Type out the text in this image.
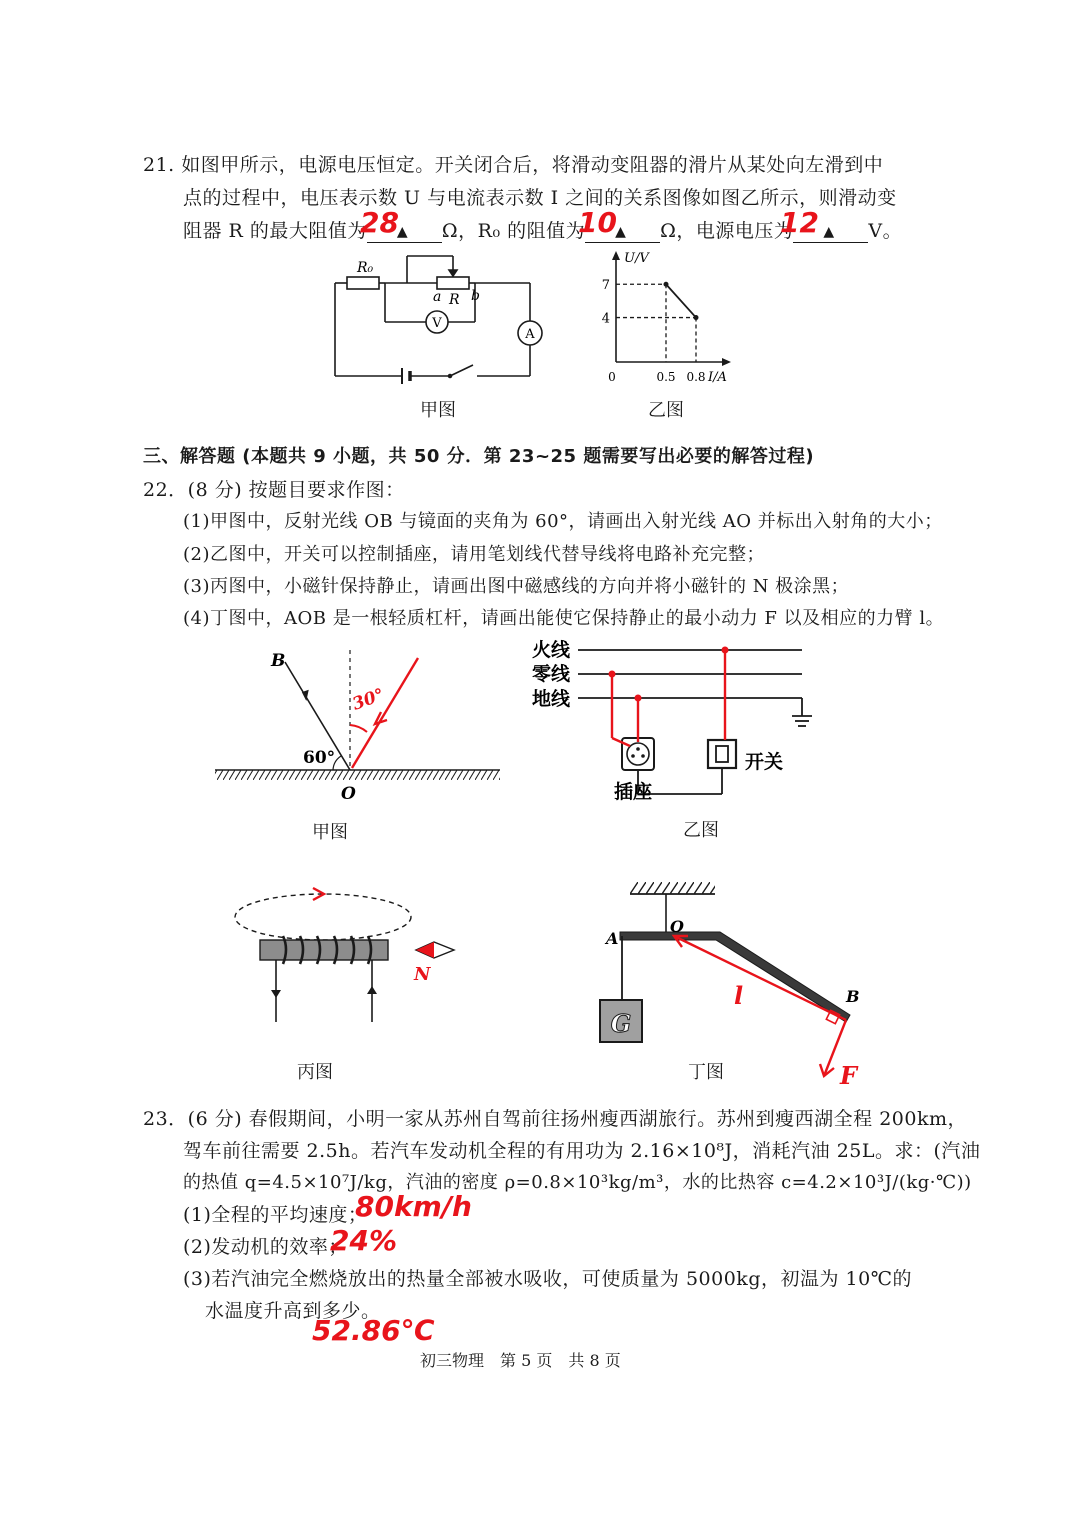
21. 如图甲所示，电源电压恒定。开关闭合后，将滑动变阻器的滑片从某处向左滑到中
点的过程中，电压表示数 U 与电流表示数 I 之间的关系图像如图乙所示，则滑动变
阻器 R 的最大阻值为 ▲ Ω，R₀ 的阻值为 ▲ Ω，电源电压为 ▲ V。
28	10	12
V
A
R₀
a R b
甲图
U/V
I/A
7
4
0	0.5 0.8
乙图
三、解答题 (本题共 9 小题，共 50 分．第 23~25 题需要写出必要的解答过程)
22．(8 分) 按题目要求作图：
(1)甲图中，反射光线 OB 与镜面的夹角为 60°，请画出入射光线 AO 并标出入射角的大小；
(2)乙图中，开关可以控制插座，请用笔划线代替导线将电路补充完整；
(3)丙图中，小磁针保持静止，请画出图中磁感线的方向并将小磁针的 N 极涂黑；
(4)丁图中，AOB 是一根轻质杠杆，请画出能使它保持静止的最小动力 F 以及相应的力臂 l。
B
60°
O
30°
甲图
火线
零线
地线
插座
开关
乙图
N
丙图
G
A
O
B
l
F
丁图
23．(6 分) 春假期间，小明一家从苏州自驾前往扬州瘦西湖旅行。苏州到瘦西湖全程 200km，
驾车前往需要 2.5h。若汽车发动机全程的有用功为 2.16×10⁸J，消耗汽油 25L。求：(汽油
的热值 q=4.5×10⁷J/kg，汽油的密度 ρ=0.8×10³kg/m³，水的比热容 c=4.2×10³J/(kg·℃))
(1)全程的平均速度；
80km/h
(2)发动机的效率；
24%
(3)若汽油完全燃烧放出的热量全部被水吸收，可使质量为 5000kg，初温为 10℃的
水温度升高到多少。
52.86℃
初三物理　第 5 页　共 8 页
